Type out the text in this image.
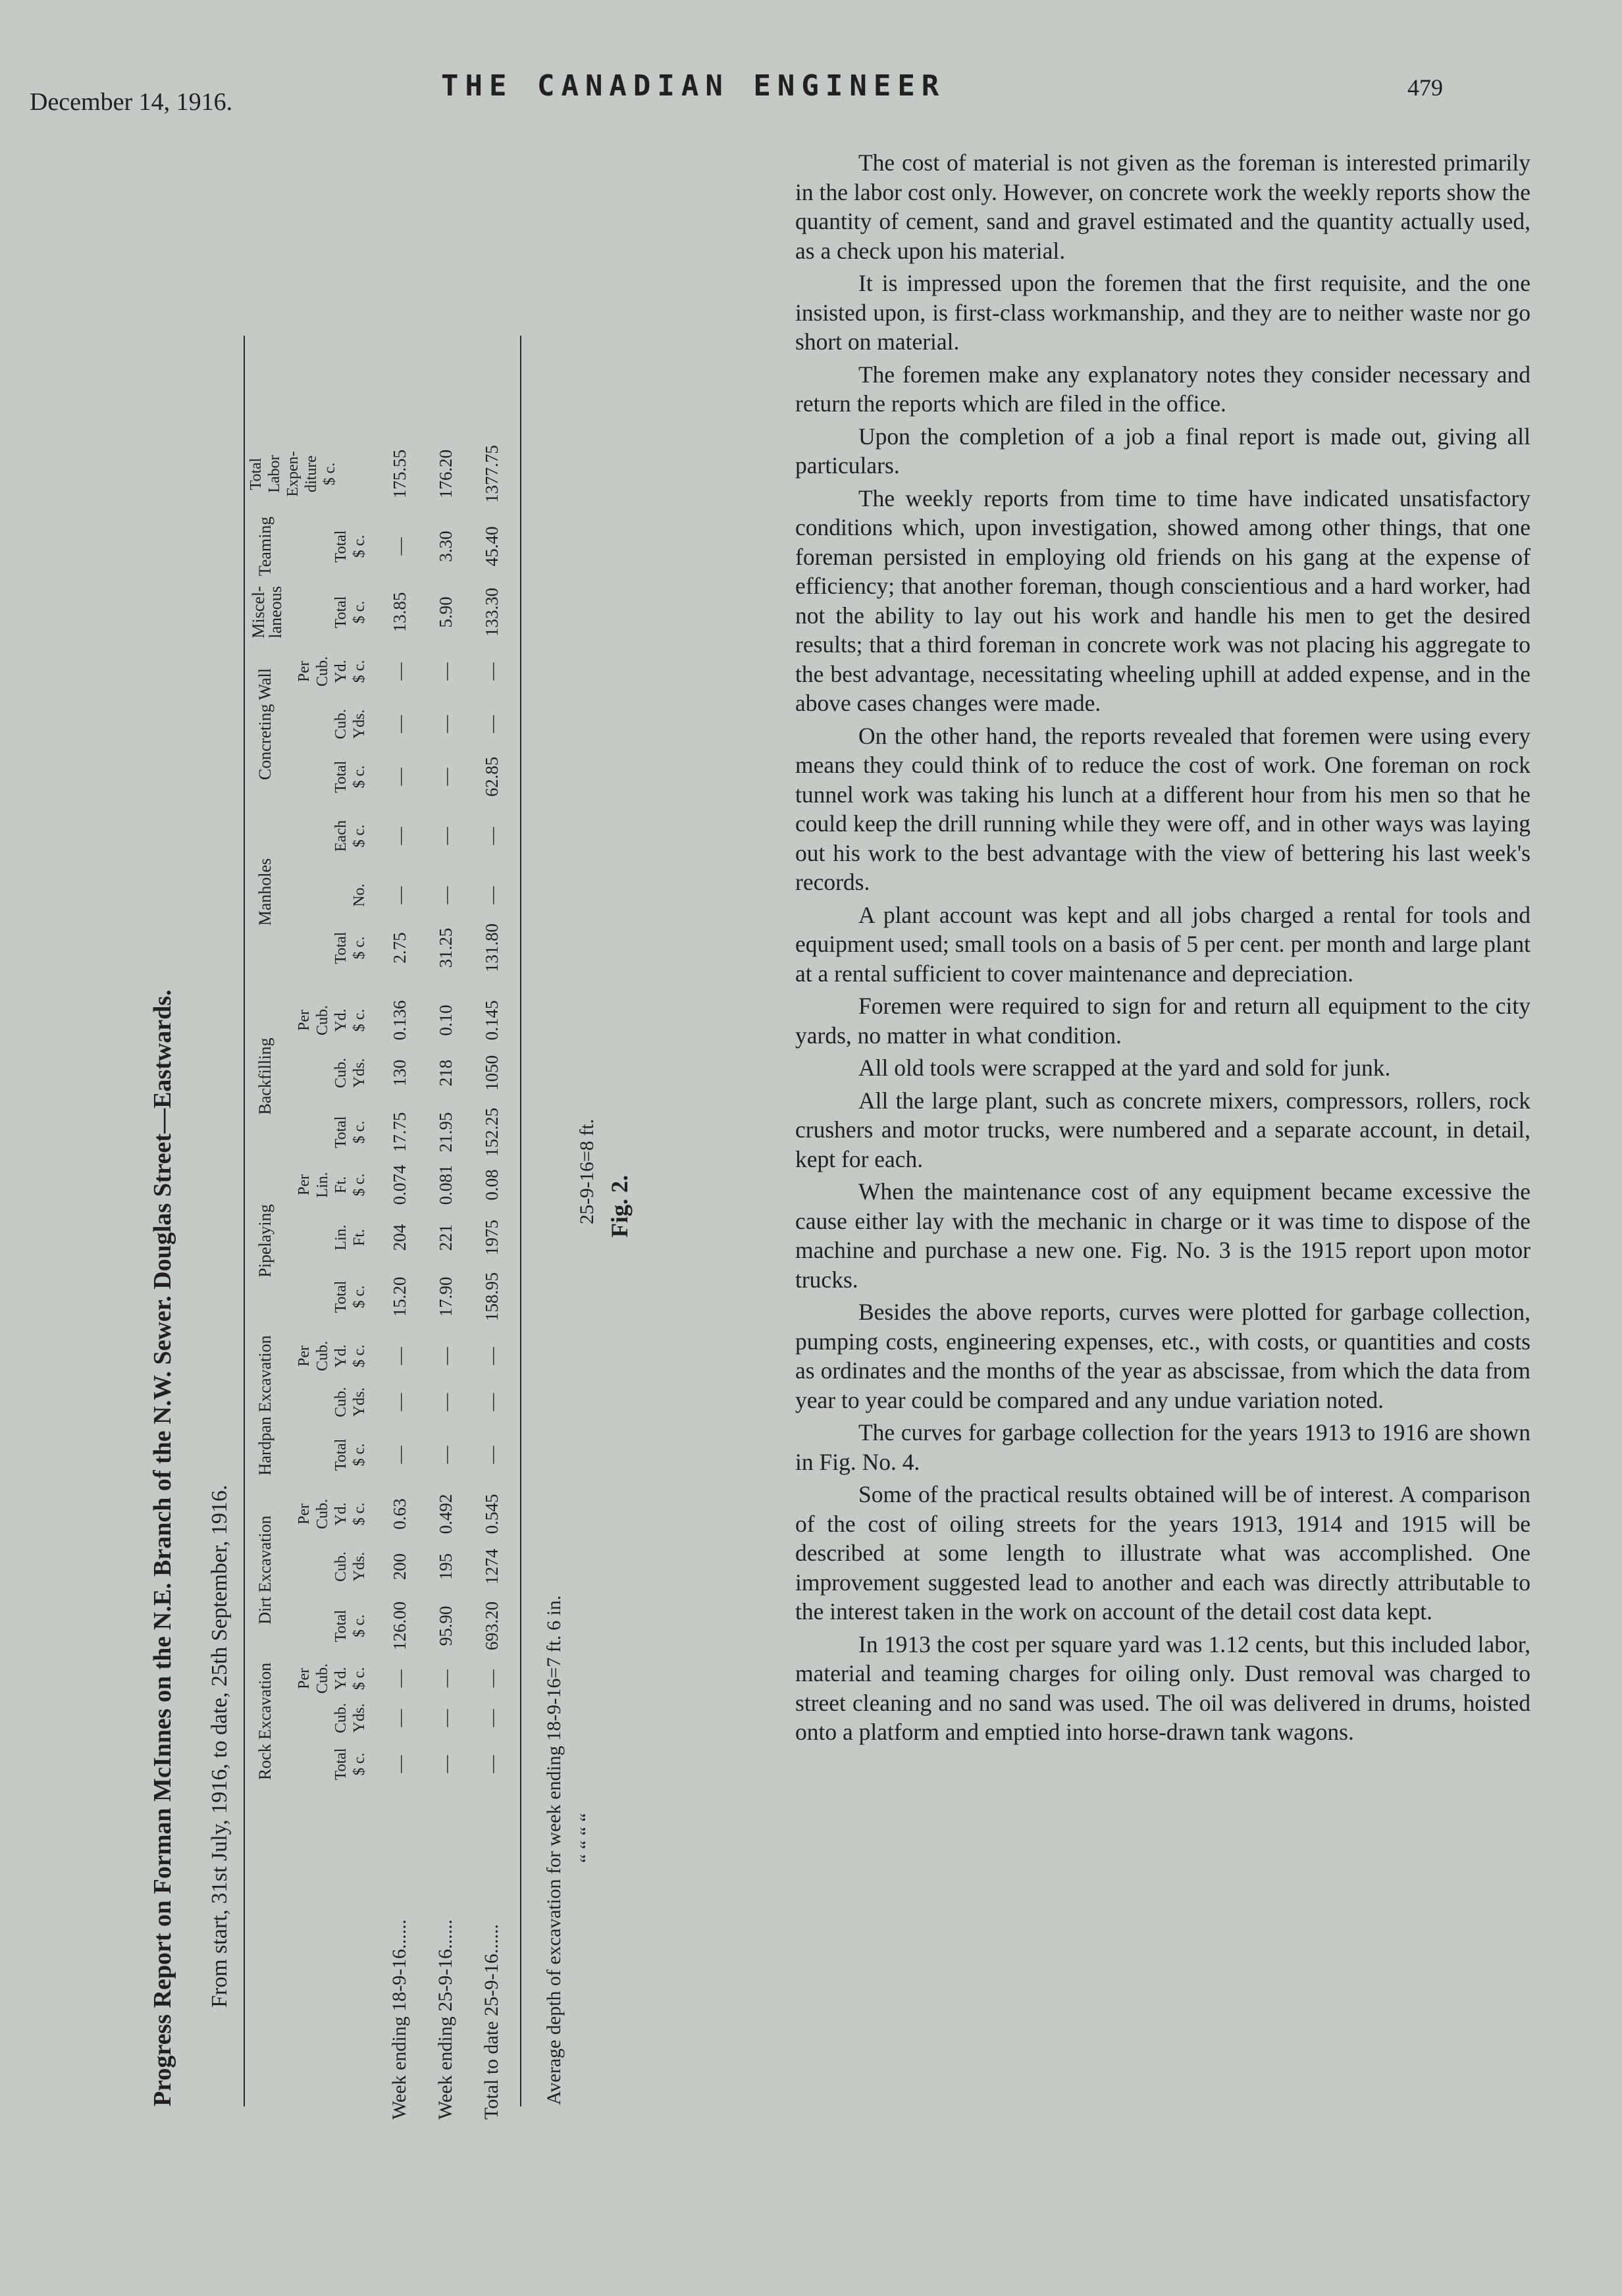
December 14, 1916.	THE CANADIAN ENGINEER	479
Progress Report on Forman McInnes on the N.E. Branch of the N.W. Sewer. Douglas Street—Eastwards. From start, 31st July, 1916, to date, 25th September, 1916. Rock Excavation
Dirt Excavation
Hardpan Excavation
Pipelaying
Backfilling
Manholes
Concreting Wall
Miscel-
laneous
Teaming
Total
$ c.
Cub.
Yds.
Per
Cub.
Yd.
$ c.
Total
$ c.
Cub.
Yds.
Per
Cub.
Yd.
$ c.
Total
$ c.
Cub.
Yds.
Per
Cub.
Yd.
$ c.
Total
$ c.
Lin.
Ft.
Per
Lin.
Ft.
$ c.
Total
$ c.
Cub.
Yds.
Per
Cub.
Yd.
$ c.
Total
$ c.
No.
Each
$ c.
Total
$ c.
Cub.
Yds.
Per
Cub.
Yd.
$ c.
Total
$ c.
Total
$ c.
Total
Labor
Expen-
diture
$ c.
Week ending 18-9-16......
—
—
—
126.00
200
0.63
—
—
—
15.20
204
0.074
17.75
130
0.136
2.75
—
—
—
—
—
13.85
—
175.55
Week ending 25-9-16......
—
—
—
95.90
195
0.492
—
—
—
17.90
221
0.081
21.95
218
0.10
31.25
—
—
—
—
—
5.90
3.30
176.20
Total to date 25-9-16......
—
—
—
693.20
1274
0.545
—
—
—
158.95
1975
0.08
152.25
1050
0.145
131.80
—
—
62.85
—
—
133.30
45.40
1377.75
Average depth of excavation for week ending 18-9-16=7 ft. 6 in. “ “ “ “
25-9-16=8 ft. Fig. 2.

The cost of material is not given as the foreman is interested primarily in the labor cost only. However, on concrete work the weekly reports show the quantity of cement, sand and gravel estimated and the quantity actually used, as a check upon his material.

It is impressed upon the foremen that the first requisite, and the one insisted upon, is first-class workmanship, and they are to neither waste nor go short on material.

The foremen make any explanatory notes they consider necessary and return the reports which are filed in the office.

Upon the completion of a job a final report is made out, giving all particulars.

The weekly reports from time to time have indicated unsatisfactory conditions which, upon investigation, showed among other things, that one foreman persisted in employing old friends on his gang at the expense of efficiency; that another foreman, though conscientious and a hard worker, had not the ability to lay out his work and handle his men to get the desired results; that a third foreman in concrete work was not placing his aggregate to the best advantage, necessitating wheeling uphill at added expense, and in the above cases changes were made.

On the other hand, the reports revealed that foremen were using every means they could think of to reduce the cost of work. One foreman on rock tunnel work was taking his lunch at a different hour from his men so that he could keep the drill running while they were off, and in other ways was laying out his work to the best advantage with the view of bettering his last week's records.

A plant account was kept and all jobs charged a rental for tools and equipment used; small tools on a basis of 5 per cent. per month and large plant at a rental sufficient to cover maintenance and depreciation.

Foremen were required to sign for and return all equipment to the city yards, no matter in what condition.

All old tools were scrapped at the yard and sold for junk.

All the large plant, such as concrete mixers, compressors, rollers, rock crushers and motor trucks, were numbered and a separate account, in detail, kept for each.

When the maintenance cost of any equipment became excessive the cause either lay with the mechanic in charge or it was time to dispose of the machine and purchase a new one. Fig. No. 3 is the 1915 report upon motor trucks.

Besides the above reports, curves were plotted for garbage collection, pumping costs, engineering expenses, etc., with costs, or quantities and costs as ordinates and the months of the year as abscissae, from which the data from year to year could be compared and any undue variation noted.

The curves for garbage collection for the years 1913 to 1916 are shown in Fig. No. 4.

Some of the practical results obtained will be of interest. A comparison of the cost of oiling streets for the years 1913, 1914 and 1915 will be described at some length to illustrate what was accomplished. One improvement suggested lead to another and each was directly attributable to the interest taken in the work on account of the detail cost data kept.

In 1913 the cost per square yard was 1.12 cents, but this included labor, material and teaming charges for oiling only. Dust removal was charged to street cleaning and no sand was used. The oil was delivered in drums, hoisted onto a platform and emptied into horse-drawn tank wagons.
